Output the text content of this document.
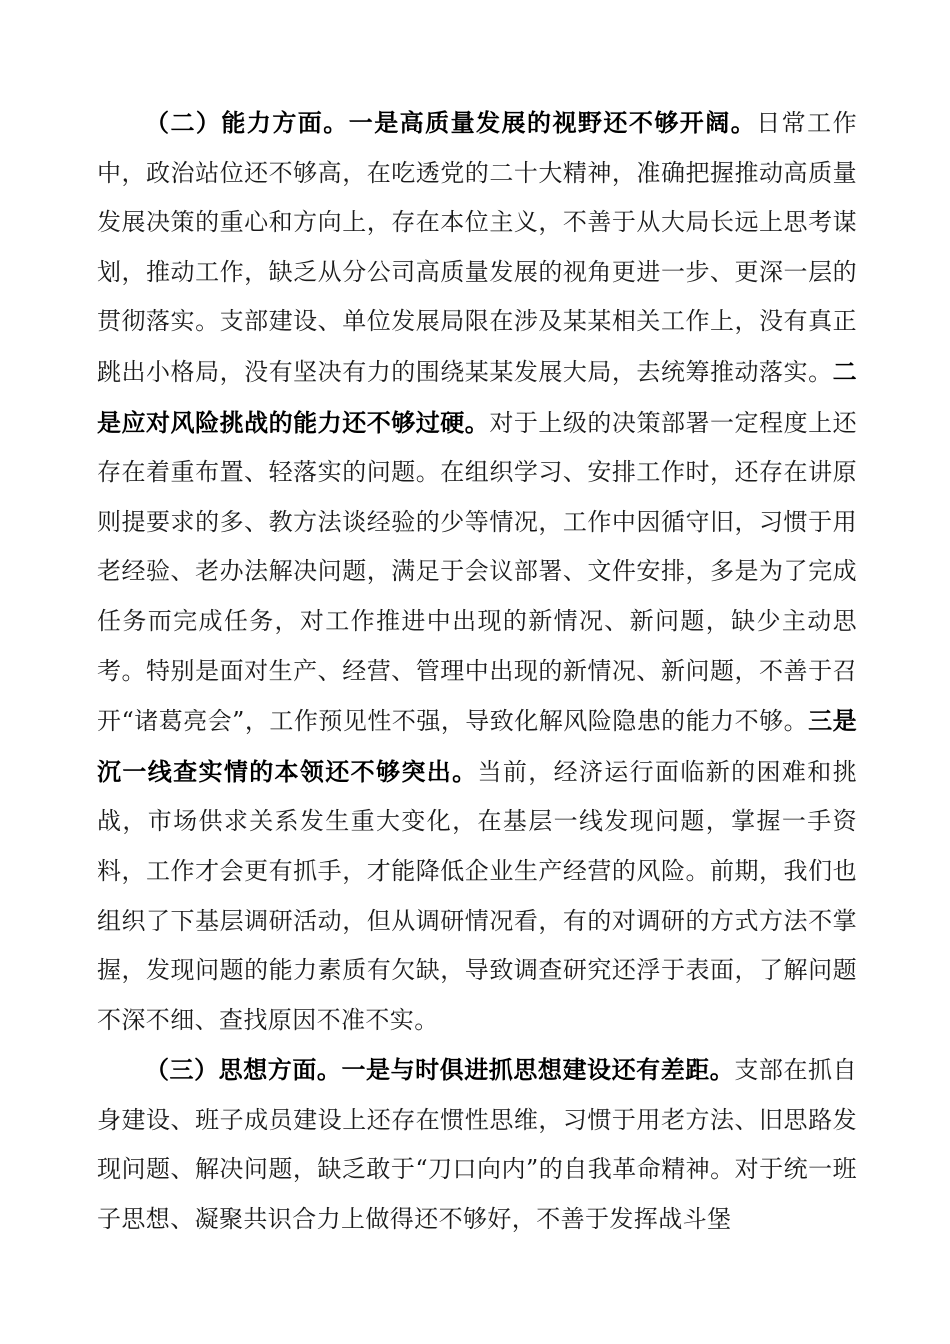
（二）能力方面。一是高质量发展的视野还不够开阔。日常工作中，政治站位还不够高，在吃透党的二十大精神，准确把握推动高质量发展决策的重心和方向上，存在本位主义，不善于从大局长远上思考谋划，推动工作，缺乏从分公司高质量发展的视角更进一步、更深一层的贯彻落实。支部建设、单位发展局限在涉及某某相关工作上，没有真正跳出小格局，没有坚决有力的围绕某某发展大局，去统筹推动落实。二是应对风险挑战的能力还不够过硬。对于上级的决策部署一定程度上还存在着重布置、轻落实的问题。在组织学习、安排工作时，还存在讲原则提要求的多、教方法谈经验的少等情况，工作中因循守旧，习惯于用老经验、老办法解决问题，满足于会议部署、文件安排，多是为了完成任务而完成任务，对工作推进中出现的新情况、新问题，缺少主动思考。特别是面对生产、经营、管理中出现的新情况、新问题，不善于召开“诸葛亮会”，工作预见性不强，导致化解风险隐患的能力不够。三是沉一线查实情的本领还不够突出。当前，经济运行面临新的困难和挑战，市场供求关系发生重大变化，在基层一线发现问题，掌握一手资料，工作才会更有抓手，才能降低企业生产经营的风险。前期，我们也组织了下基层调研活动，但从调研情况看，有的对调研的方式方法不掌握，发现问题的能力素质有欠缺，导致调查研究还浮于表面，了解问题不深不细、查找原因不准不实。

（三）思想方面。一是与时俱进抓思想建设还有差距。支部在抓自身建设、班子成员建设上还存在惯性思维，习惯于用老方法、旧思路发现问题、解决问题，缺乏敢于“刀口向内”的自我革命精神。对于统一班子思想、凝聚共识合力上做得还不够好，不善于发挥战斗堡
